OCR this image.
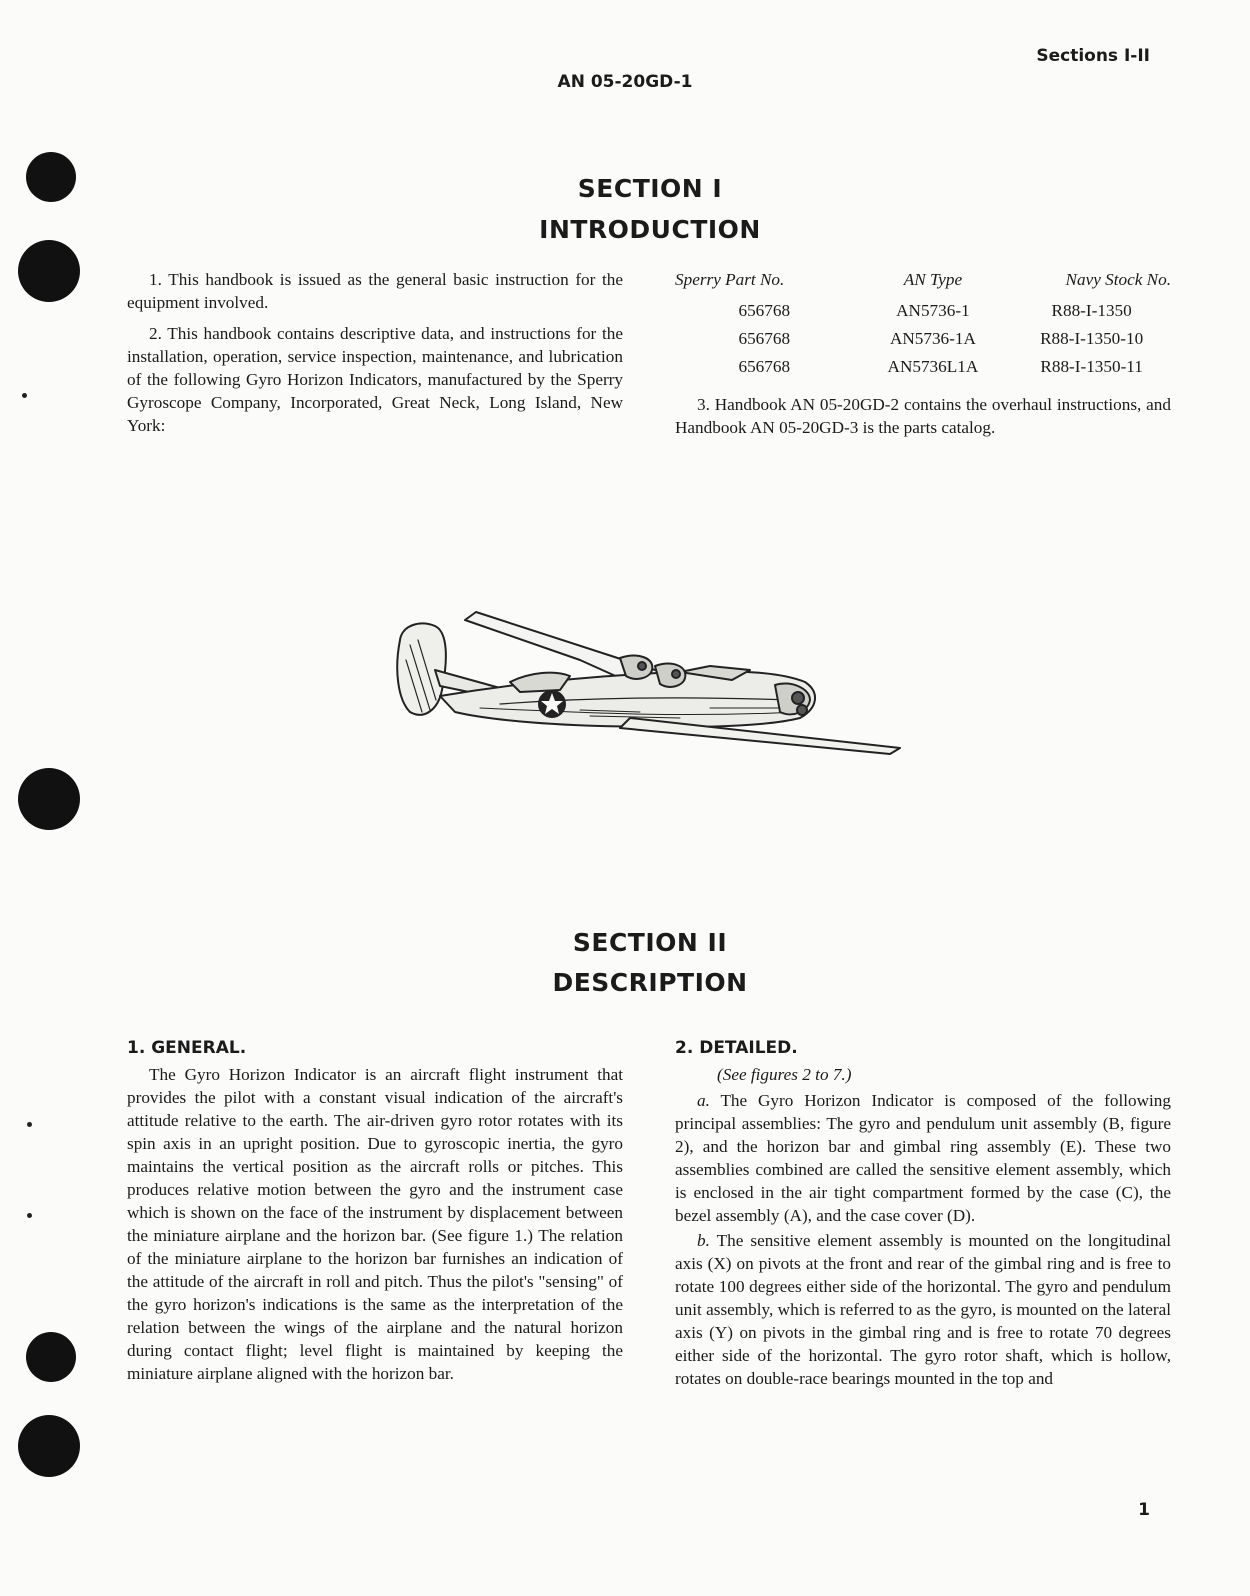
Sections I-II
AN 05-20GD-1
SECTION I
INTRODUCTION

1. This handbook is issued as the general basic instruction for the equipment involved.

2. This handbook contains descriptive data, and instructions for the installation, operation, service inspection, maintenance, and lubrication of the following Gyro Horizon Indicators, manufactured by the Sperry Gyroscope Company, Incorporated, Great Neck, Long Island, New York:

Sperry Part No.	AN Type	Navy Stock No.
656768	AN5736-1	R88-I-1350
656768	AN5736-1A	R88-I-1350-10
656768	AN5736L1A	R88-I-1350-11

3. Handbook AN 05-20GD-2 contains the overhaul instructions, and Handbook AN 05-20GD-3 is the parts catalog.

SECTION II
DESCRIPTION
1. GENERAL.

The Gyro Horizon Indicator is an aircraft flight instrument that provides the pilot with a constant visual indication of the aircraft's attitude relative to the earth. The air-driven gyro rotor rotates with its spin axis in an upright position. Due to gyroscopic inertia, the gyro maintains the vertical position as the aircraft rolls or pitches. This produces relative motion between the gyro and the instrument case which is shown on the face of the instrument by displacement between the miniature airplane and the horizon bar. (See figure 1.) The relation of the miniature airplane to the horizon bar furnishes an indication of the attitude of the aircraft in roll and pitch. Thus the pilot's "sensing" of the gyro horizon's indications is the same as the interpretation of the relation between the wings of the airplane and the natural horizon during contact flight; level flight is maintained by keeping the miniature airplane aligned with the horizon bar.

2. DETAILED.

(See figures 2 to 7.)

a. The Gyro Horizon Indicator is composed of the following principal assemblies: The gyro and pendulum unit assembly (B, figure 2), and the horizon bar and gimbal ring assembly (E). These two assemblies combined are called the sensitive element assembly, which is enclosed in the air tight compartment formed by the case (C), the bezel assembly (A), and the case cover (D).

b. The sensitive element assembly is mounted on the longitudinal axis (X) on pivots at the front and rear of the gimbal ring and is free to rotate 100 degrees either side of the horizontal. The gyro and pendulum unit assembly, which is referred to as the gyro, is mounted on the lateral axis (Y) on pivots in the gimbal ring and is free to rotate 70 degrees either side of the horizontal. The gyro rotor shaft, which is hollow, rotates on double-race bearings mounted in the top and

1
